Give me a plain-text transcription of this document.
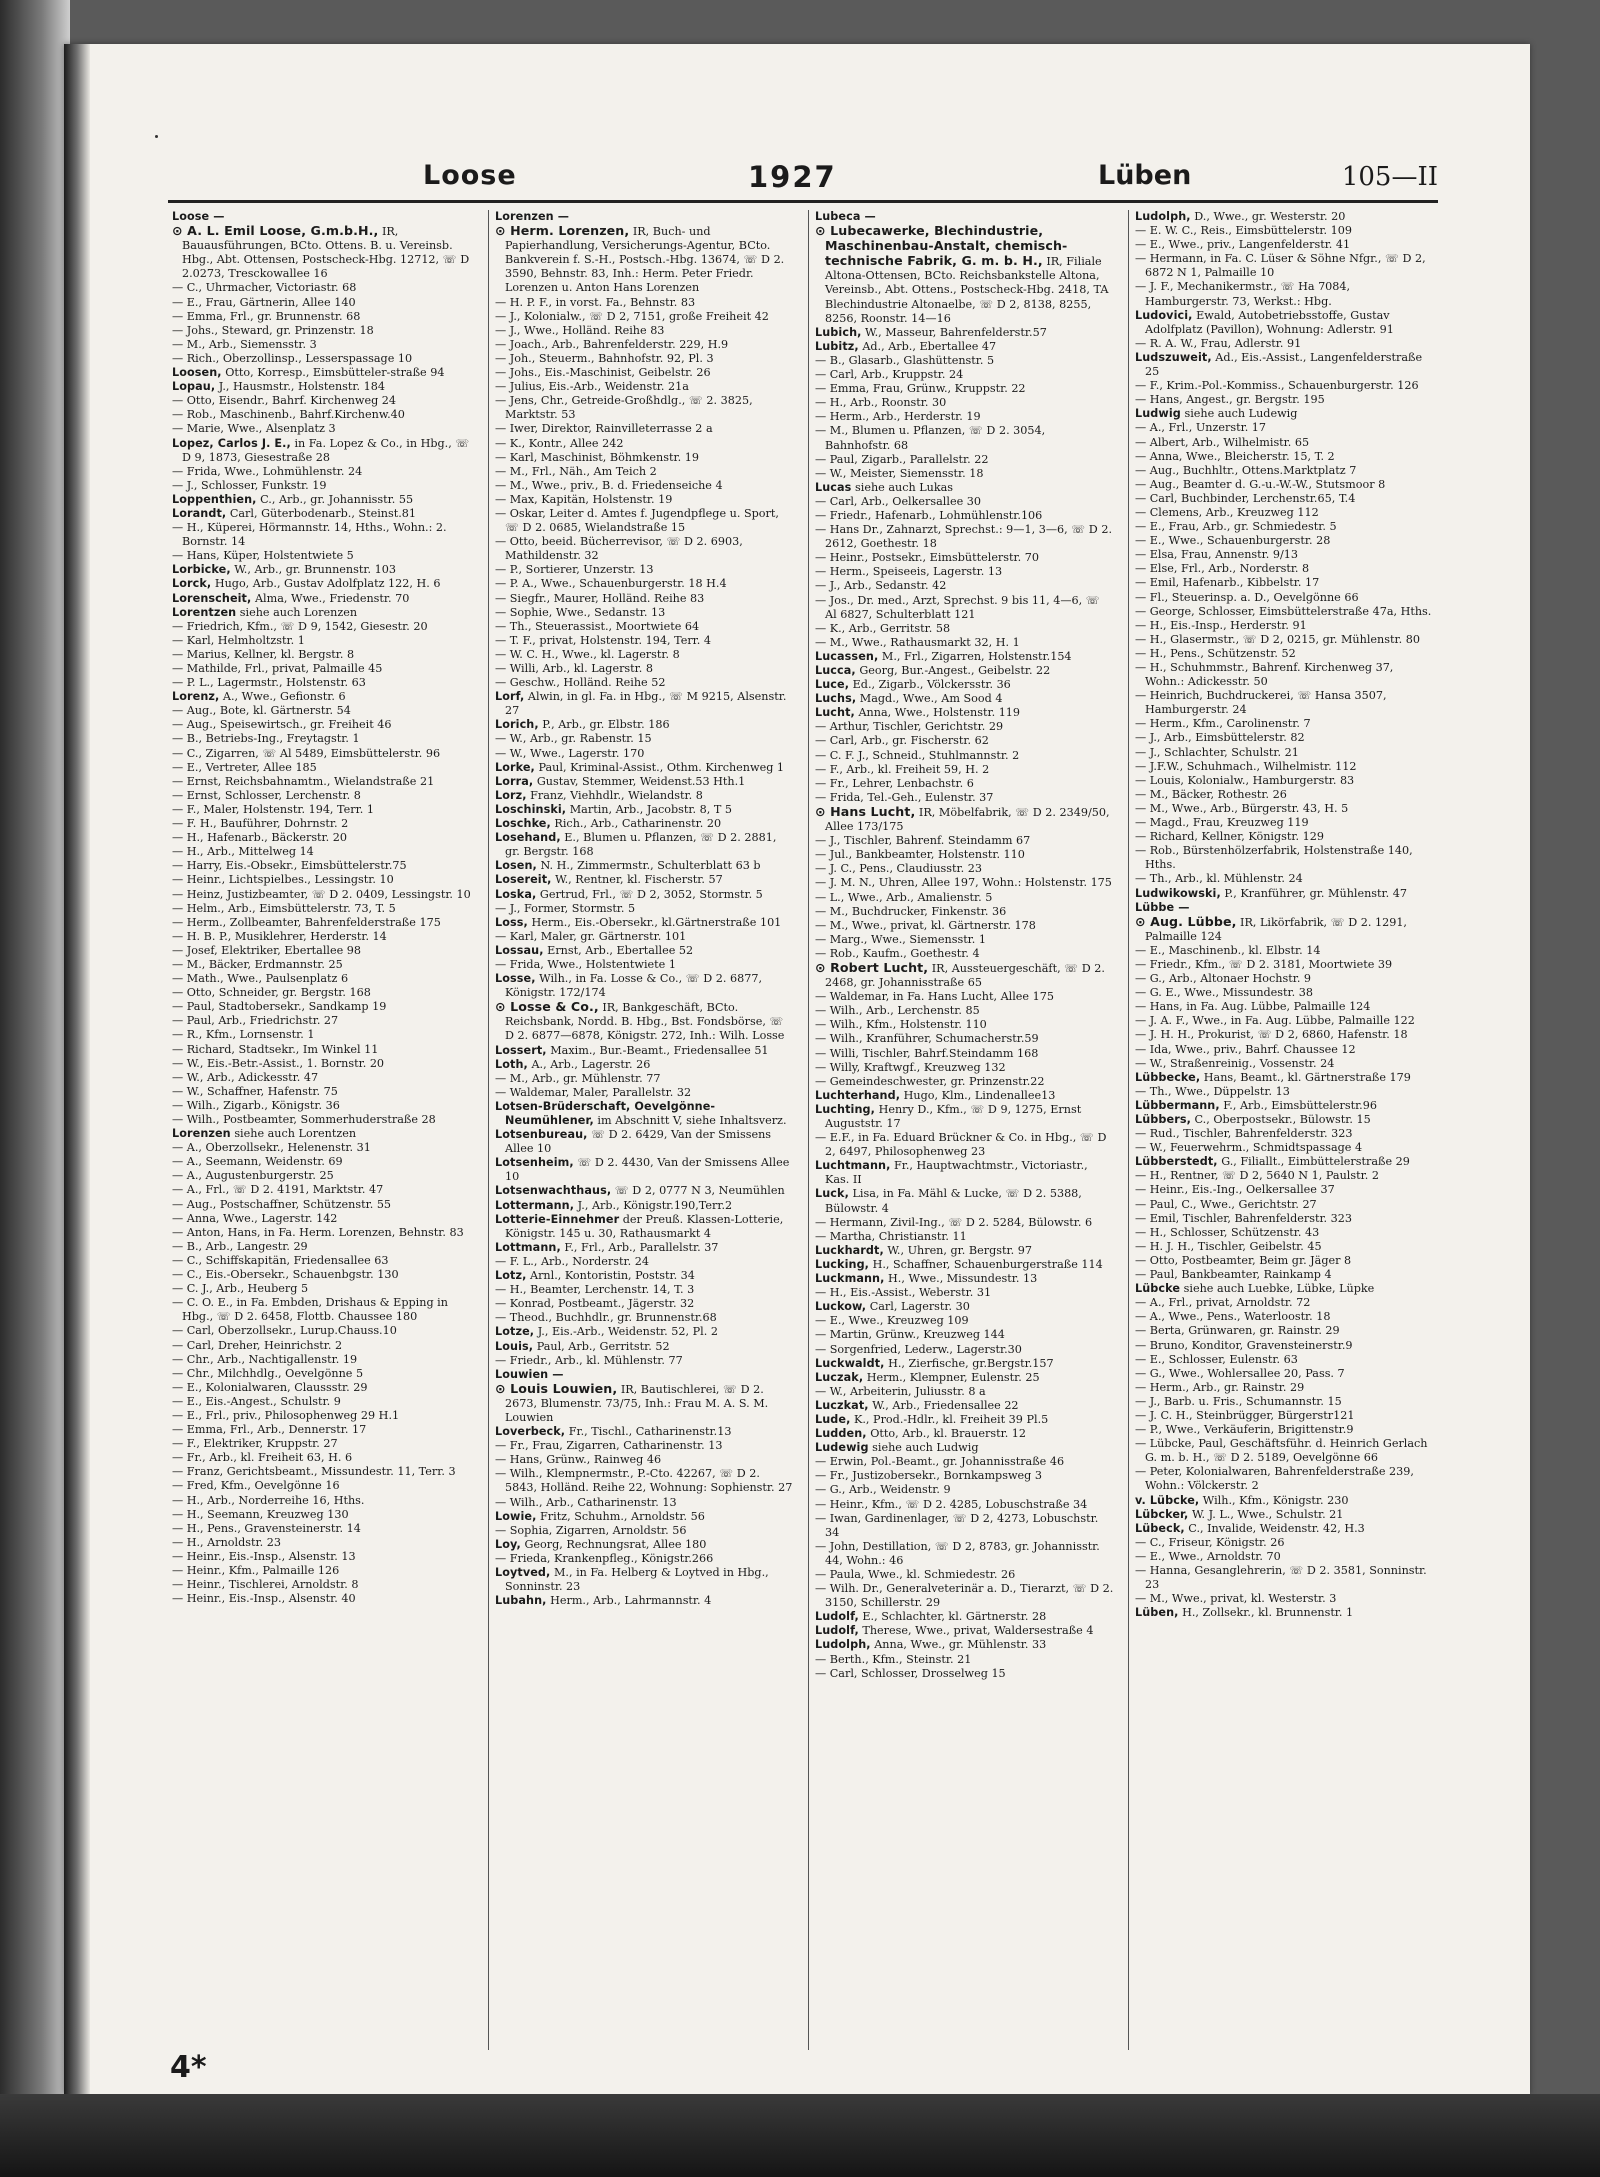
Loose	1927	Lüben	105—II

Loose —

⊙ A. L. Emil Loose, G.m.b.H., IR, Bauausführungen, BCto. Ottens. B. u. Vereinsb. Hbg., Abt. Ottensen, Postscheck-Hbg. 12712, ☏ D 2.0273, Tresckowallee 16

— C., Uhrmacher, Victoriastr. 68

— E., Frau, Gärtnerin, Allee 140

— Emma, Frl., gr. Brunnenstr. 68

— Johs., Steward, gr. Prinzenstr. 18

— M., Arb., Siemensstr. 3

— Rich., Oberzollinsp., Lesserspassage 10

Loosen, Otto, Korresp., Eimsbütteler-straße 94

Lopau, J., Hausmstr., Holstenstr. 184

— Otto, Eisendr., Bahrf. Kirchenweg 24

— Rob., Maschinenb., Bahrf.Kirchenw.40

— Marie, Wwe., Alsenplatz 3

Lopez, Carlos J. E., in Fa. Lopez & Co., in Hbg., ☏ D 9, 1873, Giesestraße 28

— Frida, Wwe., Lohmühlenstr. 24

— J., Schlosser, Funkstr. 19

Loppenthien, C., Arb., gr. Johannisstr. 55

Lorandt, Carl, Güterbodenarb., Steinst.81

— H., Küperei, Hörmannstr. 14, Hths., Wohn.: 2. Bornstr. 14

— Hans, Küper, Holstentwiete 5

Lorbicke, W., Arb., gr. Brunnenstr. 103

Lorck, Hugo, Arb., Gustav Adolfplatz 122, H. 6

Lorenscheit, Alma, Wwe., Friedenstr. 70

Lorentzen siehe auch Lorenzen

— Friedrich, Kfm., ☏ D 9, 1542, Giesestr. 20

— Karl, Helmholtzstr. 1

— Marius, Kellner, kl. Bergstr. 8

— Mathilde, Frl., privat, Palmaille 45

— P. L., Lagermstr., Holstenstr. 63

Lorenz, A., Wwe., Gefionstr. 6

— Aug., Bote, kl. Gärtnerstr. 54

— Aug., Speisewirtsch., gr. Freiheit 46

— B., Betriebs-Ing., Freytagstr. 1

— C., Zigarren, ☏ Al 5489, Eimsbüttelerstr. 96

— E., Vertreter, Allee 185

— Ernst, Reichsbahnamtm., Wielandstraße 21

— Ernst, Schlosser, Lerchenstr. 8

— F., Maler, Holstenstr. 194, Terr. 1

— F. H., Bauführer, Dohrnstr. 2

— H., Hafenarb., Bäckerstr. 20

— H., Arb., Mittelweg 14

— Harry, Eis.-Obsekr., Eimsbüttelerstr.75

— Heinr., Lichtspielbes., Lessingstr. 10

— Heinz, Justizbeamter, ☏ D 2. 0409, Lessingstr. 10

— Helm., Arb., Eimsbüttelerstr. 73, T. 5

— Herm., Zollbeamter, Bahrenfelderstraße 175

— H. B. P., Musiklehrer, Herderstr. 14

— Josef, Elektriker, Ebertallee 98

— M., Bäcker, Erdmannstr. 25

— Math., Wwe., Paulsenplatz 6

— Otto, Schneider, gr. Bergstr. 168

— Paul, Stadtobersekr., Sandkamp 19

— Paul, Arb., Friedrichstr. 27

— R., Kfm., Lornsenstr. 1

— Richard, Stadtsekr., Im Winkel 11

— W., Eis.-Betr.-Assist., 1. Bornstr. 20

— W., Arb., Adickesstr. 47

— W., Schaffner, Hafenstr. 75

— Wilh., Zigarb., Königstr. 36

— Wilh., Postbeamter, Sommerhuderstraße 28

Lorenzen siehe auch Lorentzen

— A., Oberzollsekr., Helenenstr. 31

— A., Seemann, Weidenstr. 69

— A., Augustenburgerstr. 25

— A., Frl., ☏ D 2. 4191, Marktstr. 47

— Aug., Postschaffner, Schützenstr. 55

— Anna, Wwe., Lagerstr. 142

— Anton, Hans, in Fa. Herm. Lorenzen, Behnstr. 83

— B., Arb., Langestr. 29

— C., Schiffskapitän, Friedensallee 63

— C., Eis.-Obersekr., Schauenbgstr. 130

— C. J., Arb., Heuberg 5

— C. O. E., in Fa. Embden, Drishaus & Epping in Hbg., ☏ D 2. 6458, Flottb. Chaussee 180

— Carl, Oberzollsekr., Lurup.Chauss.10

— Carl, Dreher, Heinrichstr. 2

— Chr., Arb., Nachtigallenstr. 19

— Chr., Milchhdlg., Oevelgönne 5

— E., Kolonialwaren, Claussstr. 29

— E., Eis.-Angest., Schulstr. 9

— E., Frl., priv., Philosophenweg 29 H.1

— Emma, Frl., Arb., Dennerstr. 17

— F., Elektriker, Kruppstr. 27

— Fr., Arb., kl. Freiheit 63, H. 6

— Franz, Gerichtsbeamt., Missundestr. 11, Terr. 3

— Fred, Kfm., Oevelgönne 16

— H., Arb., Norderreihe 16, Hths.

— H., Seemann, Kreuzweg 130

— H., Pens., Gravensteinerstr. 14

— H., Arnoldstr. 23

— Heinr., Eis.-Insp., Alsenstr. 13

— Heinr., Kfm., Palmaille 126

— Heinr., Tischlerei, Arnoldstr. 8

— Heinr., Eis.-Insp., Alsenstr. 40

Lorenzen —

⊙ Herm. Lorenzen, IR, Buch- und Papierhandlung, Versicherungs-Agentur, BCto. Bankverein f. S.-H., Postsch.-Hbg. 13674, ☏ D 2. 3590, Behnstr. 83, Inh.: Herm. Peter Friedr. Lorenzen u. Anton Hans Lorenzen

— H. P. F., in vorst. Fa., Behnstr. 83

— J., Kolonialw., ☏ D 2, 7151, große Freiheit 42

— J., Wwe., Holländ. Reihe 83

— Joach., Arb., Bahrenfelderstr. 229, H.9

— Joh., Steuerm., Bahnhofstr. 92, Pl. 3

— Johs., Eis.-Maschinist, Geibelstr. 26

— Julius, Eis.-Arb., Weidenstr. 21a

— Jens, Chr., Getreide-Großhdlg., ☏ 2. 3825, Marktstr. 53

— Iwer, Direktor, Rainvilleterrasse 2 a

— K., Kontr., Allee 242

— Karl, Maschinist, Böhmkenstr. 19

— M., Frl., Näh., Am Teich 2

— M., Wwe., priv., B. d. Friedenseiche 4

— Max, Kapitän, Holstenstr. 19

— Oskar, Leiter d. Amtes f. Jugendpflege u. Sport, ☏ D 2. 0685, Wielandstraße 15

— Otto, beeid. Bücherrevisor, ☏ D 2. 6903, Mathildenstr. 32

— P., Sortierer, Unzerstr. 13

— P. A., Wwe., Schauenburgerstr. 18 H.4

— Siegfr., Maurer, Holländ. Reihe 83

— Sophie, Wwe., Sedanstr. 13

— Th., Steuerassist., Moortwiete 64

— T. F., privat, Holstenstr. 194, Terr. 4

— W. C. H., Wwe., kl. Lagerstr. 8

— Willi, Arb., kl. Lagerstr. 8

— Geschw., Holländ. Reihe 52

Lorf, Alwin, in gl. Fa. in Hbg., ☏ M 9215, Alsenstr. 27

Lorich, P., Arb., gr. Elbstr. 186

— W., Arb., gr. Rabenstr. 15

— W., Wwe., Lagerstr. 170

Lorke, Paul, Kriminal-Assist., Othm. Kirchenweg 1

Lorra, Gustav, Stemmer, Weidenst.53 Hth.1

Lorz, Franz, Viehhdlr., Wielandstr. 8

Loschinski, Martin, Arb., Jacobstr. 8, T 5

Loschke, Rich., Arb., Catharinenstr. 20

Losehand, E., Blumen u. Pflanzen, ☏ D 2. 2881, gr. Bergstr. 168

Losen, N. H., Zimmermstr., Schulterblatt 63 b

Losereit, W., Rentner, kl. Fischerstr. 57

Loska, Gertrud, Frl., ☏ D 2, 3052, Stormstr. 5

— J., Former, Stormstr. 5

Loss, Herm., Eis.-Obersekr., kl.Gärtnerstraße 101

— Karl, Maler, gr. Gärtnerstr. 101

Lossau, Ernst, Arb., Ebertallee 52

— Frida, Wwe., Holstentwiete 1

Losse, Wilh., in Fa. Losse & Co., ☏ D 2. 6877, Königstr. 172/174

⊙ Losse & Co., IR, Bankgeschäft, BCto. Reichsbank, Nordd. B. Hbg., Bst. Fondsbörse, ☏ D 2. 6877—6878, Königstr. 272, Inh.: Wilh. Losse

Lossert, Maxim., Bur.-Beamt., Friedensallee 51

Loth, A., Arb., Lagerstr. 26

— M., Arb., gr. Mühlenstr. 77

— Waldemar, Maler, Parallelstr. 32

Lotsen-Brüderschaft, Oevelgönne-Neumühlener, im Abschnitt V, siehe Inhaltsverz.

Lotsenbureau, ☏ D 2. 6429, Van der Smissens Allee 10

Lotsenheim, ☏ D 2. 4430, Van der Smissens Allee 10

Lotsenwachthaus, ☏ D 2, 0777 N 3, Neumühlen

Lottermann, J., Arb., Königstr.190,Terr.2

Lotterie-Einnehmer der Preuß. Klassen-Lotterie, Königstr. 145 u. 30, Rathausmarkt 4

Lottmann, F., Frl., Arb., Parallelstr. 37

— F. L., Arb., Norderstr. 24

Lotz, Arnl., Kontoristin, Poststr. 34

— H., Beamter, Lerchenstr. 14, T. 3

— Konrad, Postbeamt., Jägerstr. 32

— Theod., Buchhdlr., gr. Brunnenstr.68

Lotze, J., Eis.-Arb., Weidenstr. 52, Pl. 2

Louis, Paul, Arb., Gerritstr. 52

— Friedr., Arb., kl. Mühlenstr. 77

Louwien —

⊙ Louis Louwien, IR, Bautischlerei, ☏ D 2. 2673, Blumenstr. 73/75, Inh.: Frau M. A. S. M. Louwien

Loverbeck, Fr., Tischl., Catharinenstr.13

— Fr., Frau, Zigarren, Catharinenstr. 13

— Hans, Grünw., Rainweg 46

— Wilh., Klempnermstr., P.-Cto. 42267, ☏ D 2. 5843, Holländ. Reihe 22, Wohnung: Sophienstr. 27

— Wilh., Arb., Catharinenstr. 13

Lowie, Fritz, Schuhm., Arnoldstr. 56

— Sophia, Zigarren, Arnoldstr. 56

Loy, Georg, Rechnungsrat, Allee 180

— Frieda, Krankenpfleg., Königstr.266

Loytved, M., in Fa. Helberg & Loytved in Hbg., Sonninstr. 23

Lubahn, Herm., Arb., Lahrmannstr. 4

Lubeca —

⊙ Lubecawerke, Blechindustrie, Maschinenbau-Anstalt, chemisch-technische Fabrik, G. m. b. H., IR, Filiale Altona-Ottensen, BCto. Reichsbankstelle Altona, Vereinsb., Abt. Ottens., Postscheck-Hbg. 2418, TA Blechindustrie Altonaelbe, ☏ D 2, 8138, 8255, 8256, Roonstr. 14—16

Lubich, W., Masseur, Bahrenfelderstr.57

Lubitz, Ad., Arb., Ebertallee 47

— B., Glasarb., Glashüttenstr. 5

— Carl, Arb., Kruppstr. 24

— Emma, Frau, Grünw., Kruppstr. 22

— H., Arb., Roonstr. 30

— Herm., Arb., Herderstr. 19

— M., Blumen u. Pflanzen, ☏ D 2. 3054, Bahnhofstr. 68

— Paul, Zigarb., Parallelstr. 22

— W., Meister, Siemensstr. 18

Lucas siehe auch Lukas

— Carl, Arb., Oelkersallee 30

— Friedr., Hafenarb., Lohmühlenstr.106

— Hans Dr., Zahnarzt, Sprechst.: 9—1, 3—6, ☏ D 2. 2612, Goethestr. 18

— Heinr., Postsekr., Eimsbüttelerstr. 70

— Herm., Speiseeis, Lagerstr. 13

— J., Arb., Sedanstr. 42

— Jos., Dr. med., Arzt, Sprechst. 9 bis 11, 4—6, ☏ Al 6827, Schulterblatt 121

— K., Arb., Gerritstr. 58

— M., Wwe., Rathausmarkt 32, H. 1

Lucassen, M., Frl., Zigarren, Holstenstr.154

Lucca, Georg, Bur.-Angest., Geibelstr. 22

Luce, Ed., Zigarb., Völckersstr. 36

Luchs, Magd., Wwe., Am Sood 4

Lucht, Anna, Wwe., Holstenstr. 119

— Arthur, Tischler, Gerichtstr. 29

— Carl, Arb., gr. Fischerstr. 62

— C. F. J., Schneid., Stuhlmannstr. 2

— F., Arb., kl. Freiheit 59, H. 2

— Fr., Lehrer, Lenbachstr. 6

— Frida, Tel.-Geh., Eulenstr. 37

⊙ Hans Lucht, IR, Möbelfabrik, ☏ D 2. 2349/50, Allee 173/175

— J., Tischler, Bahrenf. Steindamm 67

— Jul., Bankbeamter, Holstenstr. 110

— J. C., Pens., Claudiusstr. 23

— J. M. N., Uhren, Allee 197, Wohn.: Holstenstr. 175

— L., Wwe., Arb., Amalienstr. 5

— M., Buchdrucker, Finkenstr. 36

— M., Wwe., privat, kl. Gärtnerstr. 178

— Marg., Wwe., Siemensstr. 1

— Rob., Kaufm., Goethestr. 4

⊙ Robert Lucht, IR, Aussteuergeschäft, ☏ D 2. 2468, gr. Johannisstraße 65

— Waldemar, in Fa. Hans Lucht, Allee 175

— Wilh., Arb., Lerchenstr. 85

— Wilh., Kfm., Holstenstr. 110

— Wilh., Kranführer, Schumacherstr.59

— Willi, Tischler, Bahrf.Steindamm 168

— Willy, Kraftwgf., Kreuzweg 132

— Gemeindeschwester, gr. Prinzenstr.22

Luchterhand, Hugo, Klm., Lindenallee13

Luchting, Henry D., Kfm., ☏ D 9, 1275, Ernst Auguststr. 17

— E.F., in Fa. Eduard Brückner & Co. in Hbg., ☏ D 2, 6497, Philosophenweg 23

Luchtmann, Fr., Hauptwachtmstr., Victoriastr., Kas. II

Luck, Lisa, in Fa. Mähl & Lucke, ☏ D 2. 5388, Bülowstr. 4

— Hermann, Zivil-Ing., ☏ D 2. 5284, Bülowstr. 6

— Martha, Christianstr. 11

Luckhardt, W., Uhren, gr. Bergstr. 97

Lucking, H., Schaffner, Schauenburgerstraße 114

Luckmann, H., Wwe., Missundestr. 13

— H., Eis.-Assist., Weberstr. 31

Luckow, Carl, Lagerstr. 30

— E., Wwe., Kreuzweg 109

— Martin, Grünw., Kreuzweg 144

— Sorgenfried, Lederw., Lagerstr.30

Luckwaldt, H., Zierfische, gr.Bergstr.157

Luczak, Herm., Klempner, Eulenstr. 25

— W., Arbeiterin, Juliusstr. 8 a

Luczkat, W., Arb., Friedensallee 22

Lude, K., Prod.-Hdlr., kl. Freiheit 39 Pl.5

Ludden, Otto, Arb., kl. Brauerstr. 12

Ludewig siehe auch Ludwig

— Erwin, Pol.-Beamt., gr. Johannisstraße 46

— Fr., Justizobersekr., Bornkampsweg 3

— G., Arb., Weidenstr. 9

— Heinr., Kfm., ☏ D 2. 4285, Lobuschstraße 34

— Iwan, Gardinenlager, ☏ D 2, 4273, Lobuschstr. 34

— John, Destillation, ☏ D 2, 8783, gr. Johannisstr. 44, Wohn.: 46

— Paula, Wwe., kl. Schmiedestr. 26

— Wilh. Dr., Generalveterinär a. D., Tierarzt, ☏ D 2. 3150, Schillerstr. 29

Ludolf, E., Schlachter, kl. Gärtnerstr. 28

Ludolf, Therese, Wwe., privat, Waldersestraße 4

Ludolph, Anna, Wwe., gr. Mühlenstr. 33

— Berth., Kfm., Steinstr. 21

— Carl, Schlosser, Drosselweg 15

Ludolph, D., Wwe., gr. Westerstr. 20

— E. W. C., Reis., Eimsbüttelerstr. 109

— E., Wwe., priv., Langenfelderstr. 41

— Hermann, in Fa. C. Lüser & Söhne Nfgr., ☏ D 2, 6872 N 1, Palmaille 10

— J. F., Mechanikermstr., ☏ Ha 7084, Hamburgerstr. 73, Werkst.: Hbg.

Ludovici, Ewald, Autobetriebsstoffe, Gustav Adolfplatz (Pavillon), Wohnung: Adlerstr. 91

— R. A. W., Frau, Adlerstr. 91

Ludszuweit, Ad., Eis.-Assist., Langenfelderstraße 25

— F., Krim.-Pol.-Kommiss., Schauenburgerstr. 126

— Hans, Angest., gr. Bergstr. 195

Ludwig siehe auch Ludewig

— A., Frl., Unzerstr. 17

— Albert, Arb., Wilhelmistr. 65

— Anna, Wwe., Bleicherstr. 15, T. 2

— Aug., Buchhltr., Ottens.Marktplatz 7

— Aug., Beamter d. G.-u.-W.-W., Stutsmoor 8

— Carl, Buchbinder, Lerchenstr.65, T.4

— Clemens, Arb., Kreuzweg 112

— E., Frau, Arb., gr. Schmiedestr. 5

— E., Wwe., Schauenburgerstr. 28

— Elsa, Frau, Annenstr. 9/13

— Else, Frl., Arb., Norderstr. 8

— Emil, Hafenarb., Kibbelstr. 17

— Fl., Steuerinsp. a. D., Oevelgönne 66

— George, Schlosser, Eimsbüttelerstraße 47a, Hths.

— H., Eis.-Insp., Herderstr. 91

— H., Glasermstr., ☏ D 2, 0215, gr. Mühlenstr. 80

— H., Pens., Schützenstr. 52

— H., Schuhmmstr., Bahrenf. Kirchenweg 37, Wohn.: Adickesstr. 50

— Heinrich, Buchdruckerei, ☏ Hansa 3507, Hamburgerstr. 24

— Herm., Kfm., Carolinenstr. 7

— J., Arb., Eimsbüttelerstr. 82

— J., Schlachter, Schulstr. 21

— J.F.W., Schuhmach., Wilhelmistr. 112

— Louis, Kolonialw., Hamburgerstr. 83

— M., Bäcker, Rothestr. 26

— M., Wwe., Arb., Bürgerstr. 43, H. 5

— Magd., Frau, Kreuzweg 119

— Richard, Kellner, Königstr. 129

— Rob., Bürstenhölzerfabrik, Holstenstraße 140, Hths.

— Th., Arb., kl. Mühlenstr. 24

Ludwikowski, P., Kranführer, gr. Mühlenstr. 47

Lübbe —

⊙ Aug. Lübbe, IR, Likörfabrik, ☏ D 2. 1291, Palmaille 124

— E., Maschinenb., kl. Elbstr. 14

— Friedr., Kfm., ☏ D 2. 3181, Moortwiete 39

— G., Arb., Altonaer Hochstr. 9

— G. E., Wwe., Missundestr. 38

— Hans, in Fa. Aug. Lübbe, Palmaille 124

— J. A. F., Wwe., in Fa. Aug. Lübbe, Palmaille 122

— J. H. H., Prokurist, ☏ D 2, 6860, Hafenstr. 18

— Ida, Wwe., priv., Bahrf. Chaussee 12

— W., Straßenreinig., Vossenstr. 24

Lübbecke, Hans, Beamt., kl. Gärtnerstraße 179

— Th., Wwe., Düppelstr. 13

Lübbermann, F., Arb., Eimsbüttelerstr.96

Lübbers, C., Oberpostsekr., Bülowstr. 15

— Rud., Tischler, Bahrenfelderstr. 323

— W., Feuerwehrm., Schmidtspassage 4

Lübberstedt, G., Filiallt., Eimbüttelerstraße 29

— H., Rentner, ☏ D 2, 5640 N 1, Paulstr. 2

— Heinr., Eis.-Ing., Oelkersallee 37

— Paul, C., Wwe., Gerichtstr. 27

— Emil, Tischler, Bahrenfelderstr. 323

— H., Schlosser, Schützenstr. 43

— H. J. H., Tischler, Geibelstr. 45

— Otto, Postbeamter, Beim gr. Jäger 8

— Paul, Bankbeamter, Rainkamp 4

Lübcke siehe auch Luebke, Lübke, Lüpke

— A., Frl., privat, Arnoldstr. 72

— A., Wwe., Pens., Waterloostr. 18

— Berta, Grünwaren, gr. Rainstr. 29

— Bruno, Konditor, Gravensteinerstr.9

— E., Schlosser, Eulenstr. 63

— G., Wwe., Wohlersallee 20, Pass. 7

— Herm., Arb., gr. Rainstr. 29

— J., Barb. u. Fris., Schumannstr. 15

— J. C. H., Steinbrügger, Bürgerstr121

— P., Wwe., Verkäuferin, Brigittenstr.9

— Lübcke, Paul, Geschäftsführ. d. Heinrich Gerlach G. m. b. H., ☏ D 2. 5189, Oevelgönne 66

— Peter, Kolonialwaren, Bahrenfelderstraße 239, Wohn.: Völckerstr. 2

v. Lübcke, Wilh., Kfm., Königstr. 230

Lübcker, W. J. L., Wwe., Schulstr. 21

Lübeck, C., Invalide, Weidenstr. 42, H.3

— C., Friseur, Königstr. 26

— E., Wwe., Arnoldstr. 70

— Hanna, Gesanglehrerin, ☏ D 2. 3581, Sonninstr. 23

— M., Wwe., privat, kl. Westerstr. 3

Lüben, H., Zollsekr., kl. Brunnenstr. 1

4*
